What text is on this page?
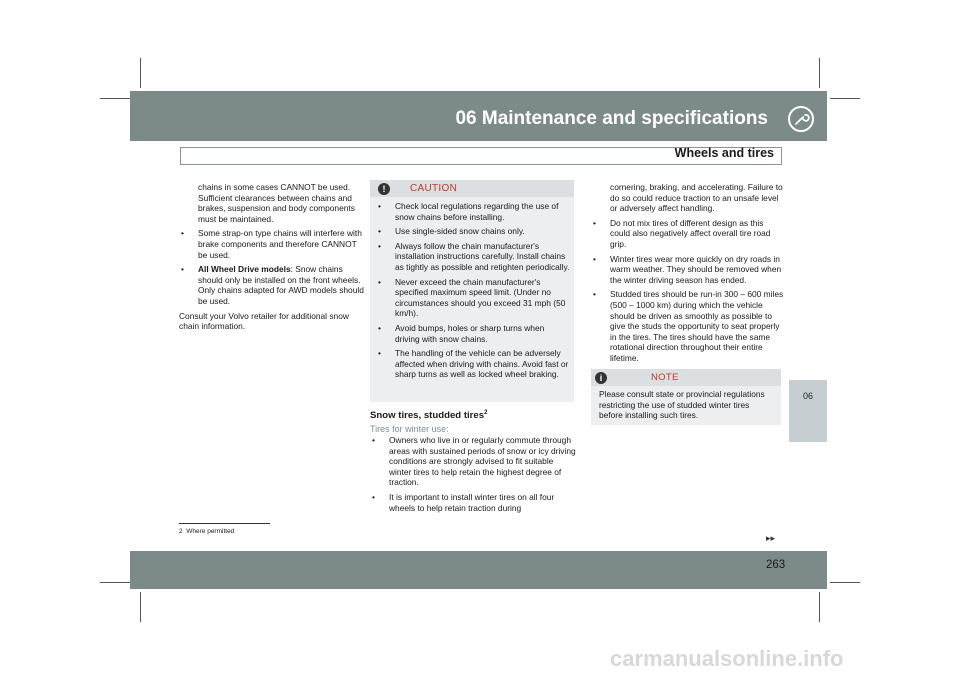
06 Maintenance and specifications
Wheels and tires
06

chains in some cases CANNOT be used. Sufficient clearances between chains and brakes, suspension and body components must be maintained.

• Some strap-on type chains will interfere with brake components and therefore CANNOT be used.
• All Wheel Drive models: Snow chains should only be installed on the front wheels. Only chains adapted for AWD models should be used.

Consult your Volvo retailer for additional snow chain information.

!	CAUTION
• Check local regulations regarding the use of snow chains before installing.
• Use single-sided snow chains only.
• Always follow the chain manufacturer's installation instructions carefully. Install chains as tightly as possible and retighten periodically.
• Never exceed the chain manufacturer's specified maximum speed limit. (Under no circumstances should you exceed 31 mph (50 km/h).
• Avoid bumps, holes or sharp turns when driving with snow chains.
• The handling of the vehicle can be adversely affected when driving with chains. Avoid fast or sharp turns as well as locked wheel braking.
Snow tires, studded tires$^2$
Tires for winter use:
• Owners who live in or regularly commute through areas with sustained periods of snow or icy driving conditions are strongly advised to fit suitable winter tires to help retain the highest degree of traction.
• It is important to install winter tires on all four wheels to help retain traction during

cornering, braking, and accelerating. Failure to do so could reduce traction to an unsafe level or adversely affect handling.

• Do not mix tires of different design as this could also negatively affect overall tire road grip.
• Winter tires wear more quickly on dry roads in warm weather. They should be removed when the winter driving season has ended.
• Studded tires should be run-in 300 – 600 miles (500 – 1000 km) during which the vehicle should be driven as smoothly as possible to give the studs the opportunity to seat properly in the tires. The tires should have the same rotational direction throughout their entire lifetime.
i	NOTE
Please consult state or provincial regulations restricting the use of studded winter tires before installing such tires.
2 Where permitted
▸▸
263
carmanualsonline.info
